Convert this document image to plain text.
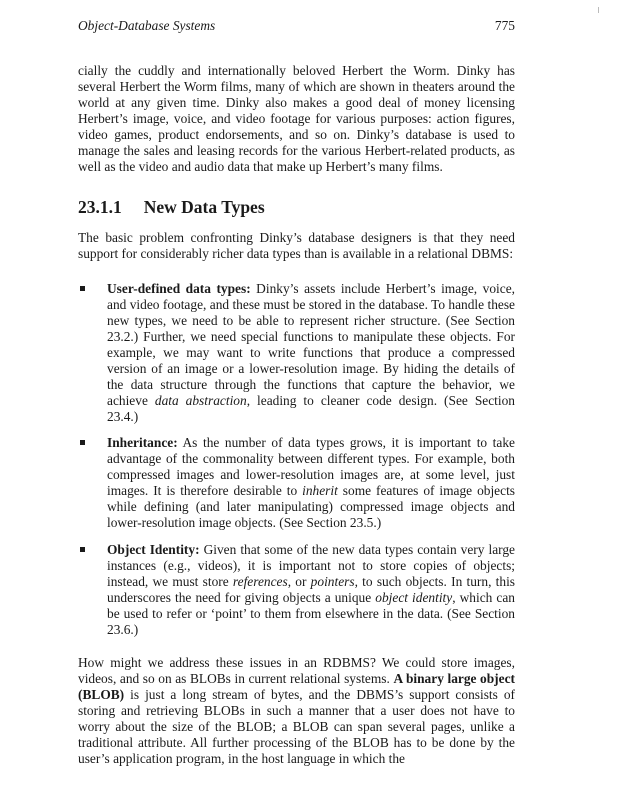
Object-Database Systems	775
cially the cuddly and internationally beloved Herbert the Worm. Dinky has several Herbert the Worm films, many of which are shown in theaters around the world at any given time. Dinky also makes a good deal of money licensing Herbert’s image, voice, and video footage for various purposes: action figures, video games, product endorsements, and so on. Dinky’s database is used to manage the sales and leasing records for the various Herbert-related products, as well as the video and audio data that make up Herbert’s many films.
23.1.1 New Data Types
The basic problem confronting Dinky’s database designers is that they need support for considerably richer data types than is available in a relational DBMS:
User-defined data types: Dinky’s assets include Herbert’s image, voice, and video footage, and these must be stored in the database. To handle these new types, we need to be able to represent richer structure. (See Section 23.2.) Further, we need special functions to manipulate these objects. For example, we may want to write functions that produce a compressed version of an image or a lower-resolution image. By hiding the details of the data structure through the functions that capture the behavior, we achieve data abstraction, leading to cleaner code design. (See Section 23.4.)
Inheritance: As the number of data types grows, it is important to take advantage of the commonality between different types. For example, both compressed images and lower-resolution images are, at some level, just images. It is therefore desirable to inherit some features of image objects while defining (and later manipulating) compressed image objects and lower-resolution image objects. (See Section 23.5.)
Object Identity: Given that some of the new data types contain very large instances (e.g., videos), it is important not to store copies of objects; instead, we must store references, or pointers, to such objects. In turn, this underscores the need for giving objects a unique object identity, which can be used to refer or ‘point’ to them from elsewhere in the data. (See Section 23.6.)
How might we address these issues in an RDBMS? We could store images, videos, and so on as BLOBs in current relational systems. A binary large object (BLOB) is just a long stream of bytes, and the DBMS’s support consists of storing and retrieving BLOBs in such a manner that a user does not have to worry about the size of the BLOB; a BLOB can span several pages, unlike a traditional attribute. All further processing of the BLOB has to be done by the user’s application program, in the host language in which the
